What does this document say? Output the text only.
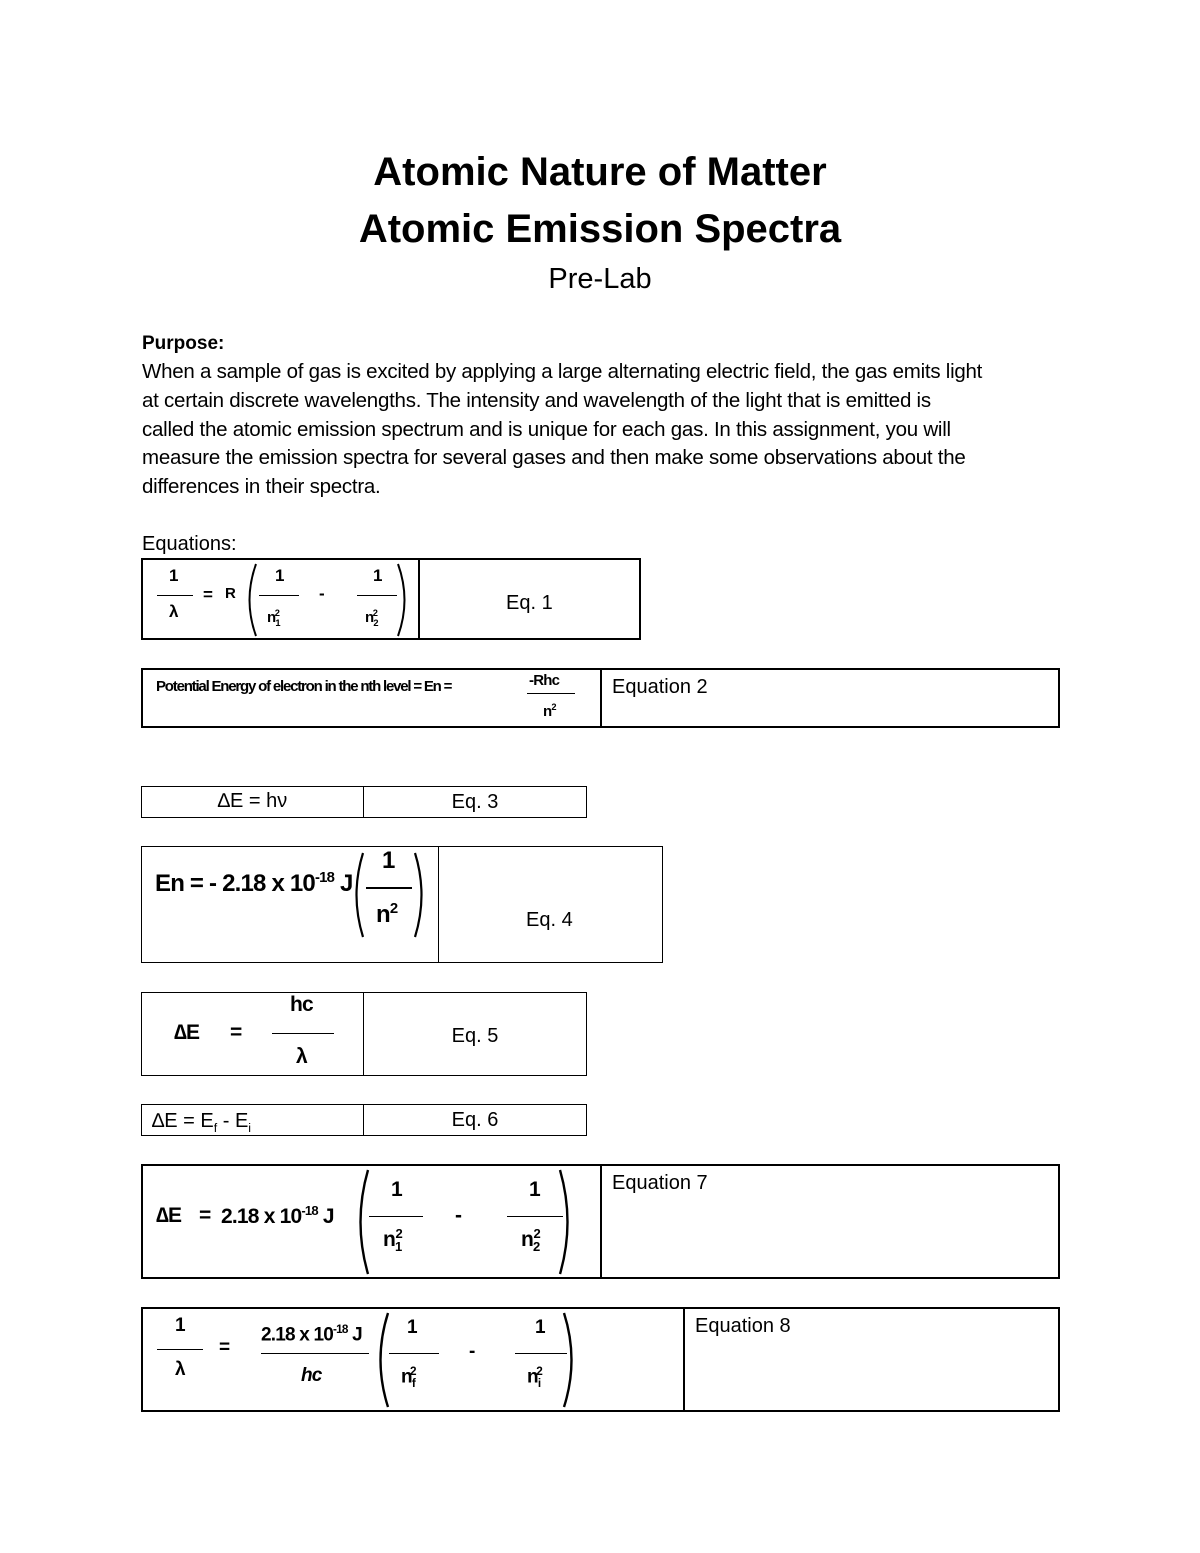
Atomic Nature of Matter
Atomic Emission Spectra
Pre-Lab
Purpose:
When a sample of gas is excited by applying a large alternating electric field, the gas emits light
at certain discrete wavelengths. The intensity and wavelength of the light that is emitted is
called the atomic emission spectrum and is unique for each gas. In this assignment, you will
measure the emission spectra for several gases and then make some observations about the
differences in their spectra.
Equations:
1
λ
= R
1
$n_1^2$
-
1
$n_2^2$	Eq. 1
Potential Energy of electron in the nth level = En =	-Rhc
$n^2$
Equation 2
∆E = hν	Eq. 3
En = - 2.18 x $10^{-18}$ J
1
$n^2$	Eq. 4
∆E =
hc
λ
Eq. 5
$\Delta E = E_f - E_i$	Eq. 6
∆E = 2.18 x $10^{-18}$ J
1
$n_1^2$
-
1
$n_2^2$
Equation 7
1
λ
=
2.18 x $10^{-18}$ J
hc
1
$n_f^2$
-
1
$n_i^2$
Equation 8
